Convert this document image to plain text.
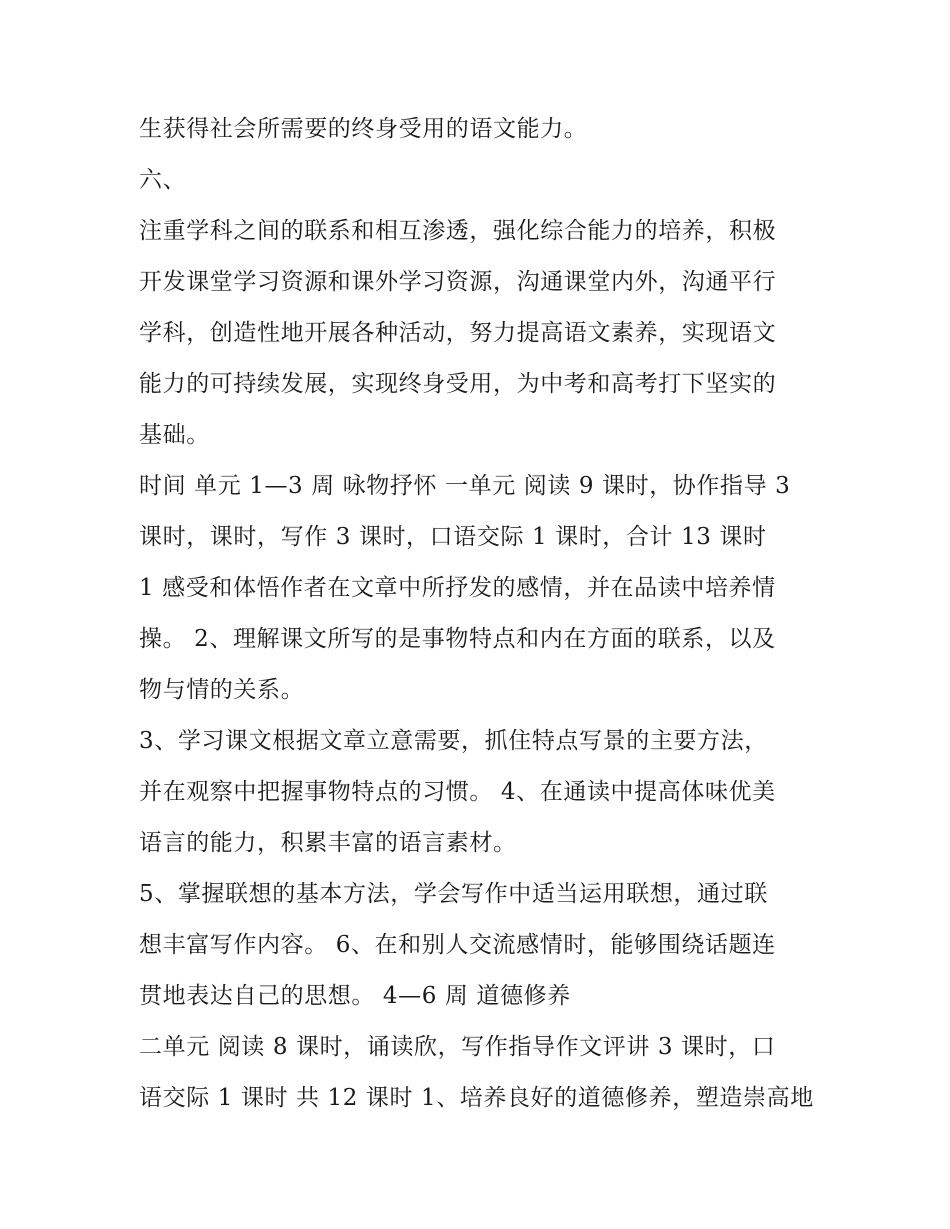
生获得社会所需要的终身受用的语文能力。
六、
注重学科之间的联系和相互渗透，强化综合能力的培养，积极
开发课堂学习资源和课外学习资源，沟通课堂内外，沟通平行
学科，创造性地开展各种活动，努力提高语文素养，实现语文
能力的可持续发展，实现终身受用，为中考和高考打下坚实的
基础。
时间 单元 1—3 周 咏物抒怀 一单元 阅读 9 课时，协作指导 3
课时，课时，写作 3 课时，口语交际 1 课时，合计 13 课时
1 感受和体悟作者在文章中所抒发的感情，并在品读中培养情
操。 2、理解课文所写的是事物特点和内在方面的联系，以及
物与情的关系。
3、学习课文根据文章立意需要，抓住特点写景的主要方法，
并在观察中把握事物特点的习惯。 4、在通读中提高体味优美
语言的能力，积累丰富的语言素材。
5、掌握联想的基本方法，学会写作中适当运用联想，通过联
想丰富写作内容。 6、在和别人交流感情时，能够围绕话题连
贯地表达自己的思想。 4—6 周 道德修养
二单元 阅读 8 课时，诵读欣，写作指导作文评讲 3 课时，口
语交际 1 课时 共 12 课时 1、培养良好的道德修养，塑造崇高地
